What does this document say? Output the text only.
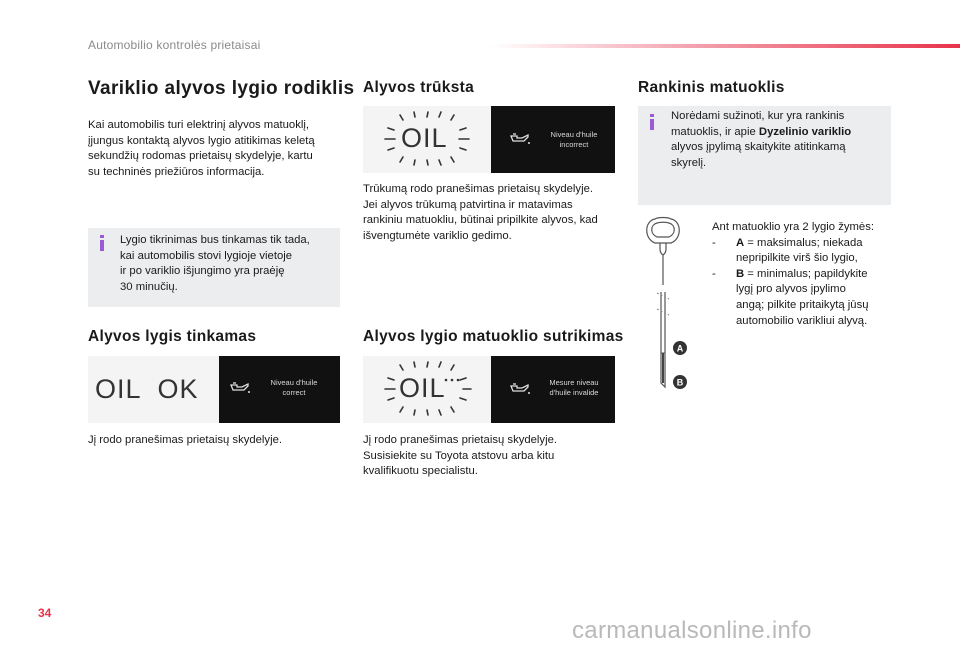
Automobilio kontrolės prietaisai
Variklio alyvos lygio rodiklis

Kai automobilis turi elektrinį alyvos matuoklį,

įjungus kontaktą alyvos lygio atitikimas keletą

sekundžių rodomas prietaisų skydelyje, kartu

su techninės priežiūros informacija.

Lygio tikrinimas bus tinkamas tik tada,

kai automobilis stovi lygioje vietoje

ir po variklio išjungimo yra praėję

30 minučių.

Alyvos lygis tinkamas
OIL  OK	Niveau d'huile
correct
Jį rodo pranešimas prietaisų skydelyje.
Alyvos trūksta
OIL	Niveau d'huile
incorrect

Trūkumą rodo pranešimas prietaisų skydelyje.

Jei alyvos trūkumą patvirtina ir matavimas

rankiniu matuokliu, būtinai pripilkite alyvos, kad

išvengtumėte variklio gedimo.

Alyvos lygio matuoklio sutrikimas
OIL	Mesure niveau
d'huile invalide

Jį rodo pranešimas prietaisų skydelyje.

Susisiekite su Toyota atstovu arba kitu

kvalifikuotu specialistu.

Rankinis matuoklis
Norėdami sužinoti, kur yra rankinis
matuoklis, ir apie Dyzelinio variklio
alyvos įpylimą skaitykite atitinkamą
skyrelį.
A
B
Ant matuoklio yra 2 lygio žymės:
-	A = maksimalus; niekada
nepripilkite virš šio lygio,
-	B = minimalus; papildykite
lygį pro alyvos įpylimo
angą; pilkite pritaikytą jūsų
automobilio varikliui alyvą.
34
carmanualsonline.info
